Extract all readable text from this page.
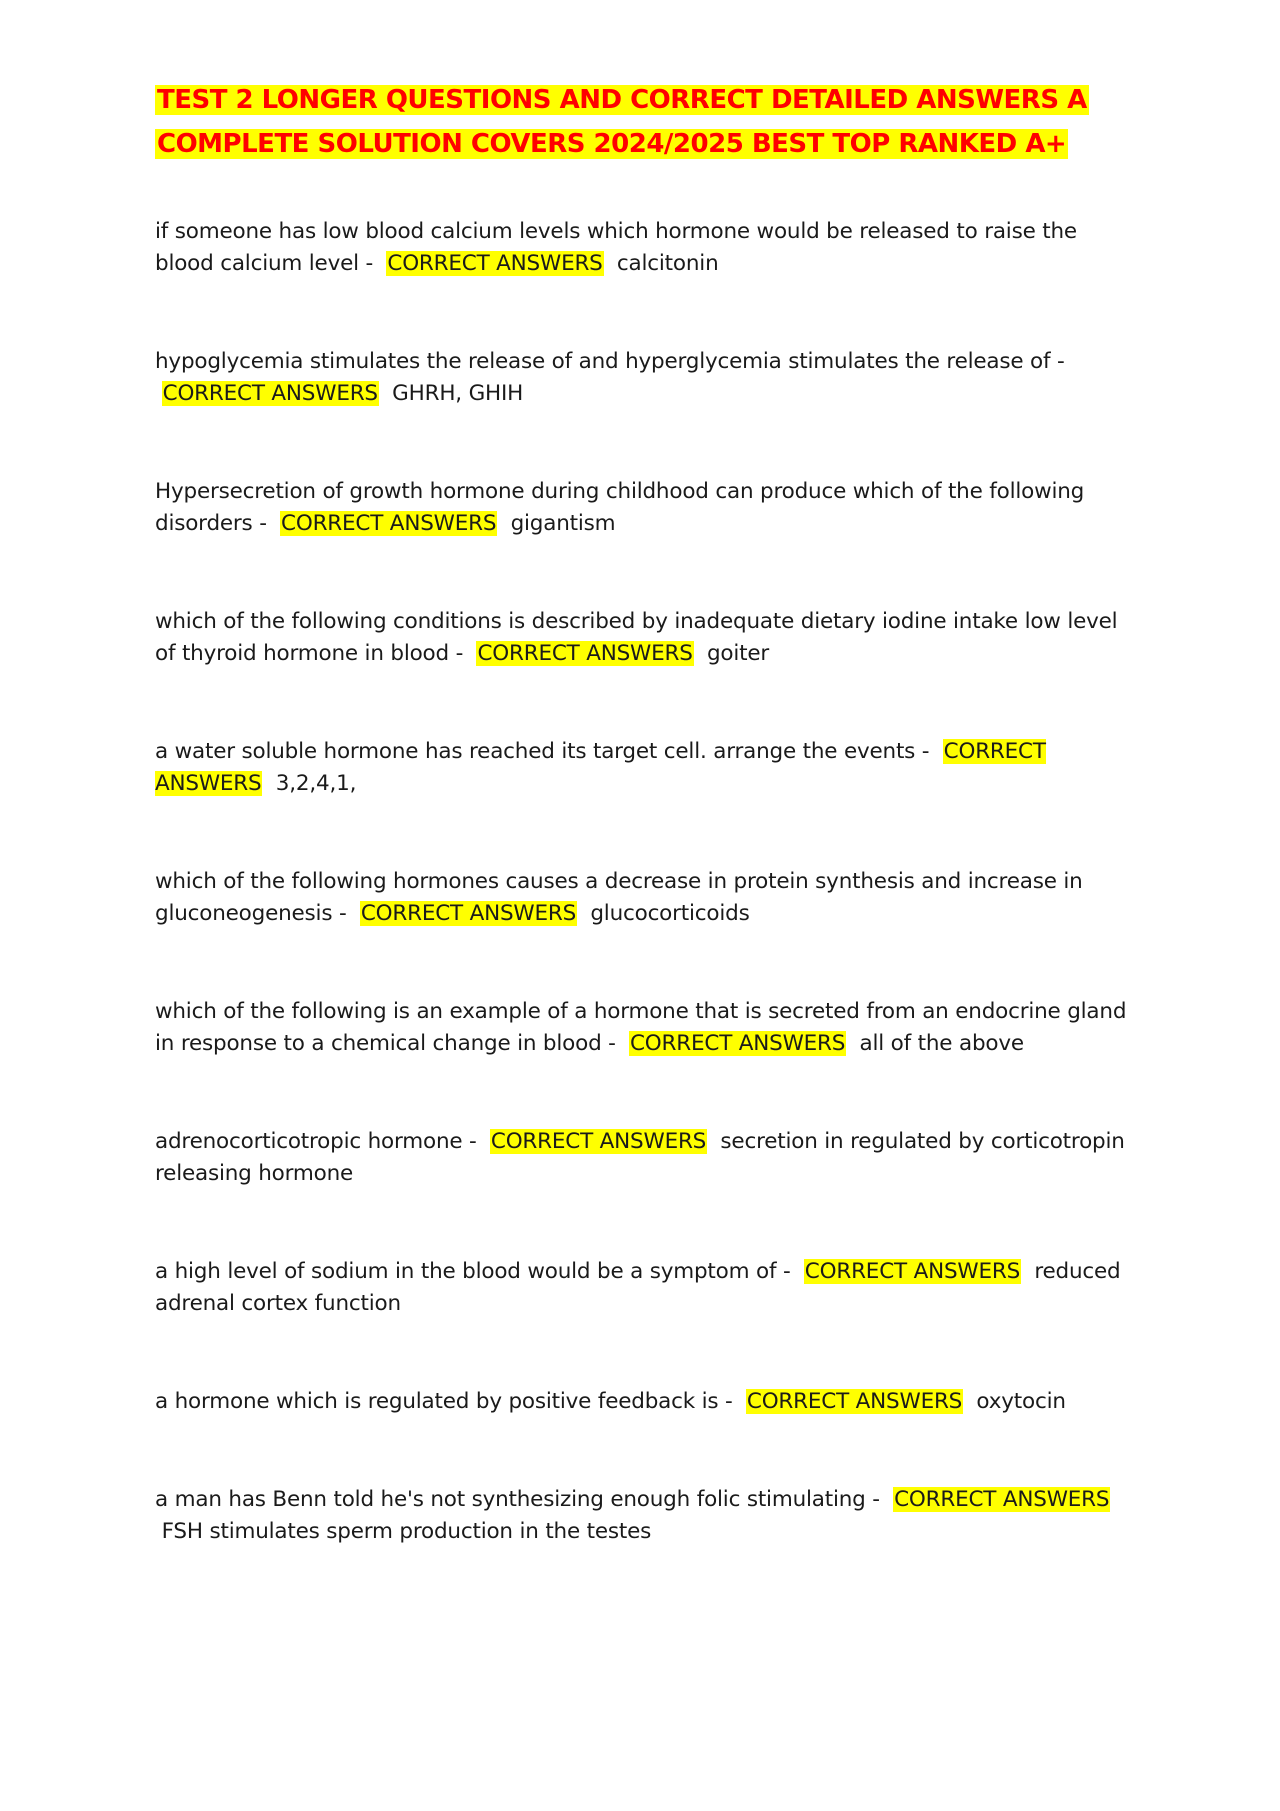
TEST 2 LONGER QUESTIONS AND CORRECT DETAILED ANSWERS A COMPLETE SOLUTION COVERS 2024/2025 BEST TOP RANKED A+

if someone has low blood calcium levels which hormone would be released to raise the blood calcium level - CORRECT ANSWERS calcitonin

hypoglycemia stimulates the release of and hyperglycemia stimulates the release of - CORRECT ANSWERS GHRH, GHIH

Hypersecretion of growth hormone during childhood can produce which of the following disorders - CORRECT ANSWERS gigantism

which of the following conditions is described by inadequate dietary iodine intake low level of thyroid hormone in blood - CORRECT ANSWERS goiter

a water soluble hormone has reached its target cell. arrange the events - CORRECT ANSWERS 3,2,4,1,

which of the following hormones causes a decrease in protein synthesis and increase in gluconeogenesis - CORRECT ANSWERS glucocorticoids

which of the following is an example of a hormone that is secreted from an endocrine gland in response to a chemical change in blood - CORRECT ANSWERS all of the above

adrenocorticotropic hormone - CORRECT ANSWERS secretion in regulated by corticotropin releasing hormone

a high level of sodium in the blood would be a symptom of - CORRECT ANSWERS reduced adrenal cortex function

a hormone which is regulated by positive feedback is - CORRECT ANSWERS oxytocin

a man has Benn told he's not synthesizing enough folic stimulating - CORRECT ANSWERS FSH stimulates sperm production in the testes
